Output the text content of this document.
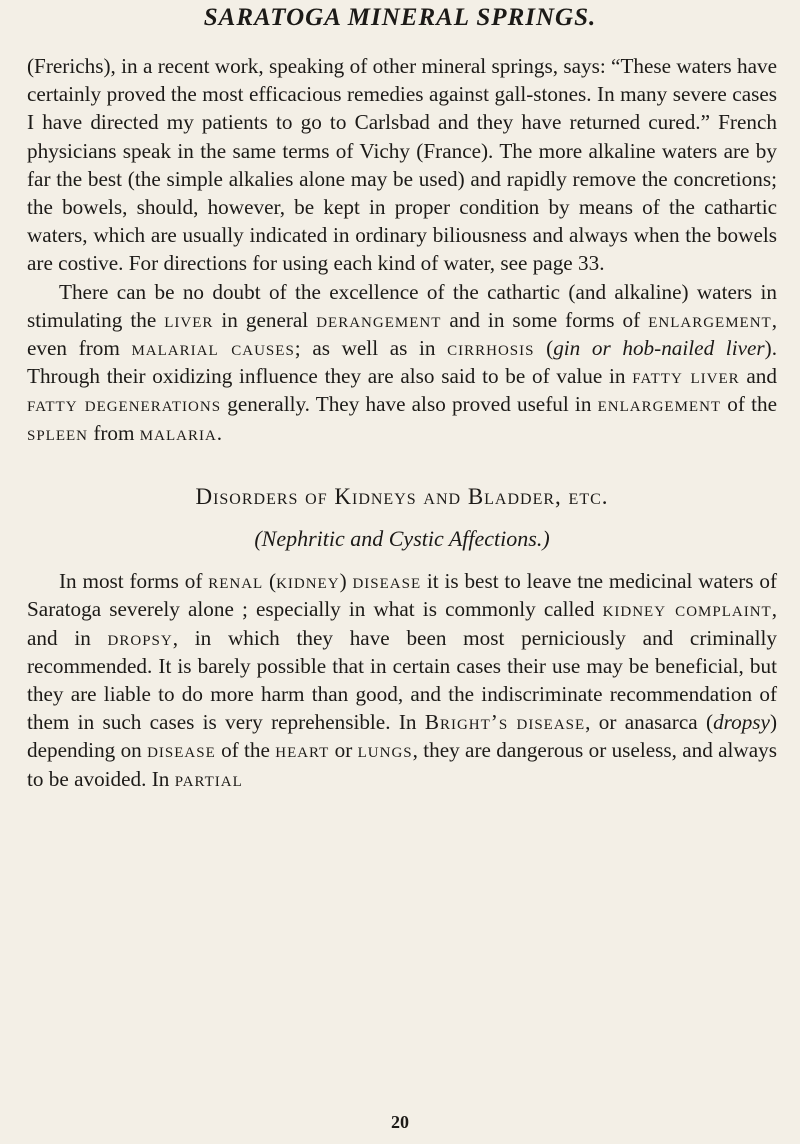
SARATOGA MINERAL SPRINGS.

(Frerichs), in a recent work, speaking of other mineral springs, says: “These waters have certainly proved the most efficacious remedies against gall-stones. In many severe cases I have directed my patients to go to Carlsbad and they have returned cured.” French physicians speak in the same terms of Vichy (France). The more alkaline waters are by far the best (the simple alkalies alone may be used) and rapidly remove the concretions; the bowels, should, however, be kept in proper condition by means of the cathartic waters, which are usually indicated in ordinary biliousness and always when the bowels are costive. For directions for using each kind of water, see page 33.

There can be no doubt of the excellence of the cathartic (and alkaline) waters in stimulating the liver in general derangement and in some forms of enlargement, even from malarial causes; as well as in cirrhosis (gin or hob-nailed liver). Through their oxidizing influence they are also said to be of value in fatty liver and fatty degenerations generally. They have also proved useful in enlargement of the spleen from malaria.

Disorders of Kidneys and Bladder, etc.
(Nephritic and Cystic Affections.)

In most forms of renal (kidney) disease it is best to leave tne medicinal waters of Saratoga severely alone ; especially in what is commonly called kidney complaint, and in dropsy, in which they have been most perniciously and criminally recommended. It is barely possible that in certain cases their use may be beneficial, but they are liable to do more harm than good, and the indiscriminate recommendation of them in such cases is very reprehensible. In Bright’s disease, or anasarca (dropsy) depending on disease of the heart or lungs, they are dangerous or useless, and always to be avoided. In partial

20
